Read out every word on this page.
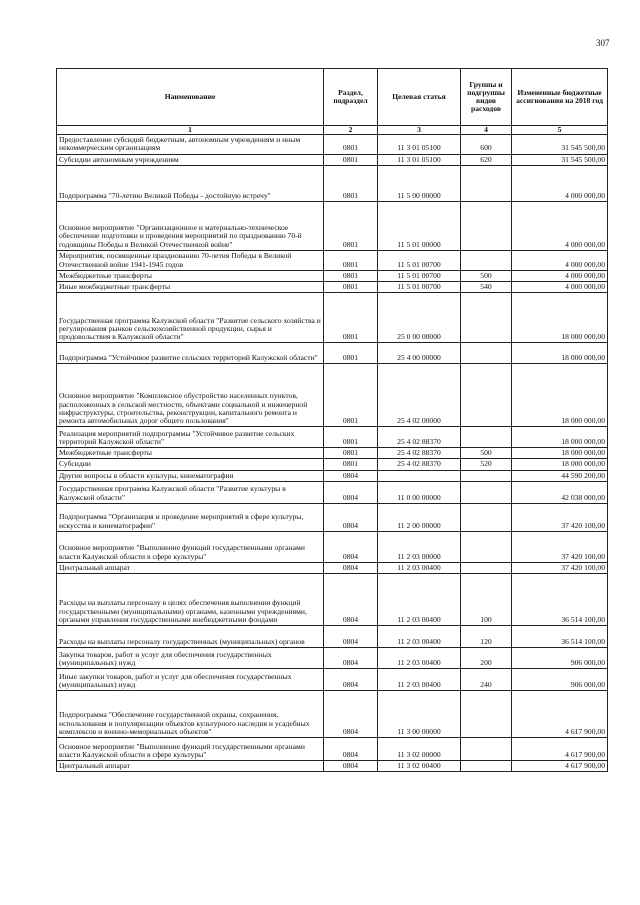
307
Наименование	Раздел, подраздел	Целевая статья	Группы и подгруппы видов расходов	Измененные бюджетные ассигнования на 2018 год
1	2	3	4	5
Предоставление субсидий бюджетным, автономным учреждениям и иным некоммерческим организациям	0801	11 3 01 05100	600	31 545 500,00
Субсидии автономным учреждениям	0801	11 3 01 05100	620	31 545 500,00
Подпрограмма "70-летию Великой Победы - достойную встречу"	0801	11 5 00 00000		4 000 000,00
Основное мероприятие "Организационное и материально-техническое обеспечение подготовки и проведения мероприятий по празднованию 70-й годовщины Победы в Великой Отечественной войне"	0801	11 5 01 00000		4 000 000,00
Мероприятия, посвященные празднованию 70-летия Победы в Великой Отечественной войне 1941-1945 годов	0801	11 5 01 00700		4 000 000,00
Межбюджетные трансферты	0801	11 5 01 00700	500	4 000 000,00
Иные межбюджетные трансферты	0801	11 5 01 00700	540	4 000 000,00
Государственная программа Калужской области "Развитие сельского хозяйства и регулирования рынков сельскохозяйственной продукции, сырья и продовольствия в Калужской области"	0801	25 0 00 00000		18 000 000,00
Подпрограмма "Устойчивое развитие сельских территорий Калужской области"	0801	25 4 00 00000		18 000 000,00
Основное мероприятие "Комплексное обустройство населенных пунктов, расположенных в сельской местности, объектами социальной и инженерной инфраструктуры, строительства, реконструкции, капитального ремонта и ремонта автомобильных дорог общего пользования"	0801	25 4 02 00000		18 000 000,00
Реализация мероприятий подпрограммы "Устойчивое развитие сельских территорий Калужской области"	0801	25 4 02 88370		18 000 000,00
Межбюджетные трансферты	0801	25 4 02 88370	500	18 000 000,00
Субсидии	0801	25 4 02 88370	520	18 000 000,00
Другие вопросы в области культуры, кинематографии	0804			44 590 200,00
Государственная программа Калужской области "Развитие культуры в Калужской области"	0804	11 0 00 00000		42 038 000,00
Подпрограмма "Организация и проведение мероприятий в сфере культуры, искусства и кинематографии"	0804	11 2 00 00000		37 420 100,00
Основное мероприятие "Выполнение функций государственными органами власти Калужской области в сфере культуры"	0804	11 2 03 00000		37 420 100,00
Центральный аппарат	0804	11 2 03 00400		37 420 100,00
Расходы на выплаты персоналу в целях обеспечения выполнения функций государственными (муниципальными) органами, казенными учреждениями, органами управления государственными внебюджетными фондами	0804	11 2 03 00400	100	36 514 100,00
Расходы на выплаты персоналу государственных (муниципальных) органов	0804	11 2 03 00400	120	36 514 100,00
Закупка товаров, работ и услуг для обеспечения государственных (муниципальных) нужд	0804	11 2 03 00400	200	906 000,00
Иные закупки товаров, работ и услуг для обеспечения государственных (муниципальных) нужд	0804	11 2 03 00400	240	906 000,00
Подпрограмма "Обеспечение государственной охраны, сохранения, использования и популяризации объектов культурного наследия и усадебных комплексов и военно-мемориальных объектов"	0804	11 3 00 00000		4 617 900,00
Основное мероприятие "Выполнение функций государственными органами власти Калужской области в сфере культуры"	0804	11 3 02 00000		4 617 900,00
Центральный аппарат	0804	11 3 02 00400		4 617 900,00
